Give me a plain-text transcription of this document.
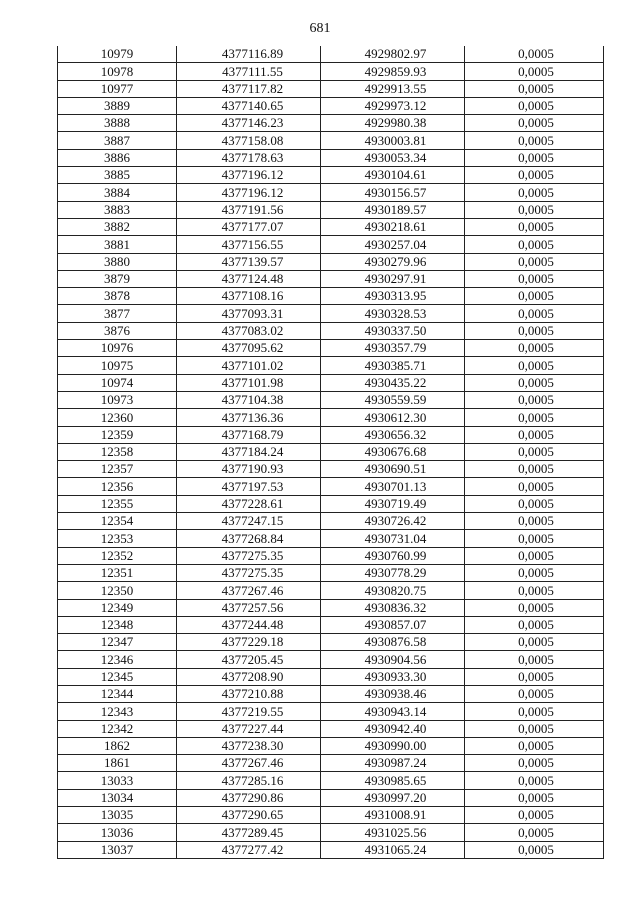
681
10979	4377116.89	4929802.97	0,0005
10978	4377111.55	4929859.93	0,0005
10977	4377117.82	4929913.55	0,0005
3889	4377140.65	4929973.12	0,0005
3888	4377146.23	4929980.38	0,0005
3887	4377158.08	4930003.81	0,0005
3886	4377178.63	4930053.34	0,0005
3885	4377196.12	4930104.61	0,0005
3884	4377196.12	4930156.57	0,0005
3883	4377191.56	4930189.57	0,0005
3882	4377177.07	4930218.61	0,0005
3881	4377156.55	4930257.04	0,0005
3880	4377139.57	4930279.96	0,0005
3879	4377124.48	4930297.91	0,0005
3878	4377108.16	4930313.95	0,0005
3877	4377093.31	4930328.53	0,0005
3876	4377083.02	4930337.50	0,0005
10976	4377095.62	4930357.79	0,0005
10975	4377101.02	4930385.71	0,0005
10974	4377101.98	4930435.22	0,0005
10973	4377104.38	4930559.59	0,0005
12360	4377136.36	4930612.30	0,0005
12359	4377168.79	4930656.32	0,0005
12358	4377184.24	4930676.68	0,0005
12357	4377190.93	4930690.51	0,0005
12356	4377197.53	4930701.13	0,0005
12355	4377228.61	4930719.49	0,0005
12354	4377247.15	4930726.42	0,0005
12353	4377268.84	4930731.04	0,0005
12352	4377275.35	4930760.99	0,0005
12351	4377275.35	4930778.29	0,0005
12350	4377267.46	4930820.75	0,0005
12349	4377257.56	4930836.32	0,0005
12348	4377244.48	4930857.07	0,0005
12347	4377229.18	4930876.58	0,0005
12346	4377205.45	4930904.56	0,0005
12345	4377208.90	4930933.30	0,0005
12344	4377210.88	4930938.46	0,0005
12343	4377219.55	4930943.14	0,0005
12342	4377227.44	4930942.40	0,0005
1862	4377238.30	4930990.00	0,0005
1861	4377267.46	4930987.24	0,0005
13033	4377285.16	4930985.65	0,0005
13034	4377290.86	4930997.20	0,0005
13035	4377290.65	4931008.91	0,0005
13036	4377289.45	4931025.56	0,0005
13037	4377277.42	4931065.24	0,0005
